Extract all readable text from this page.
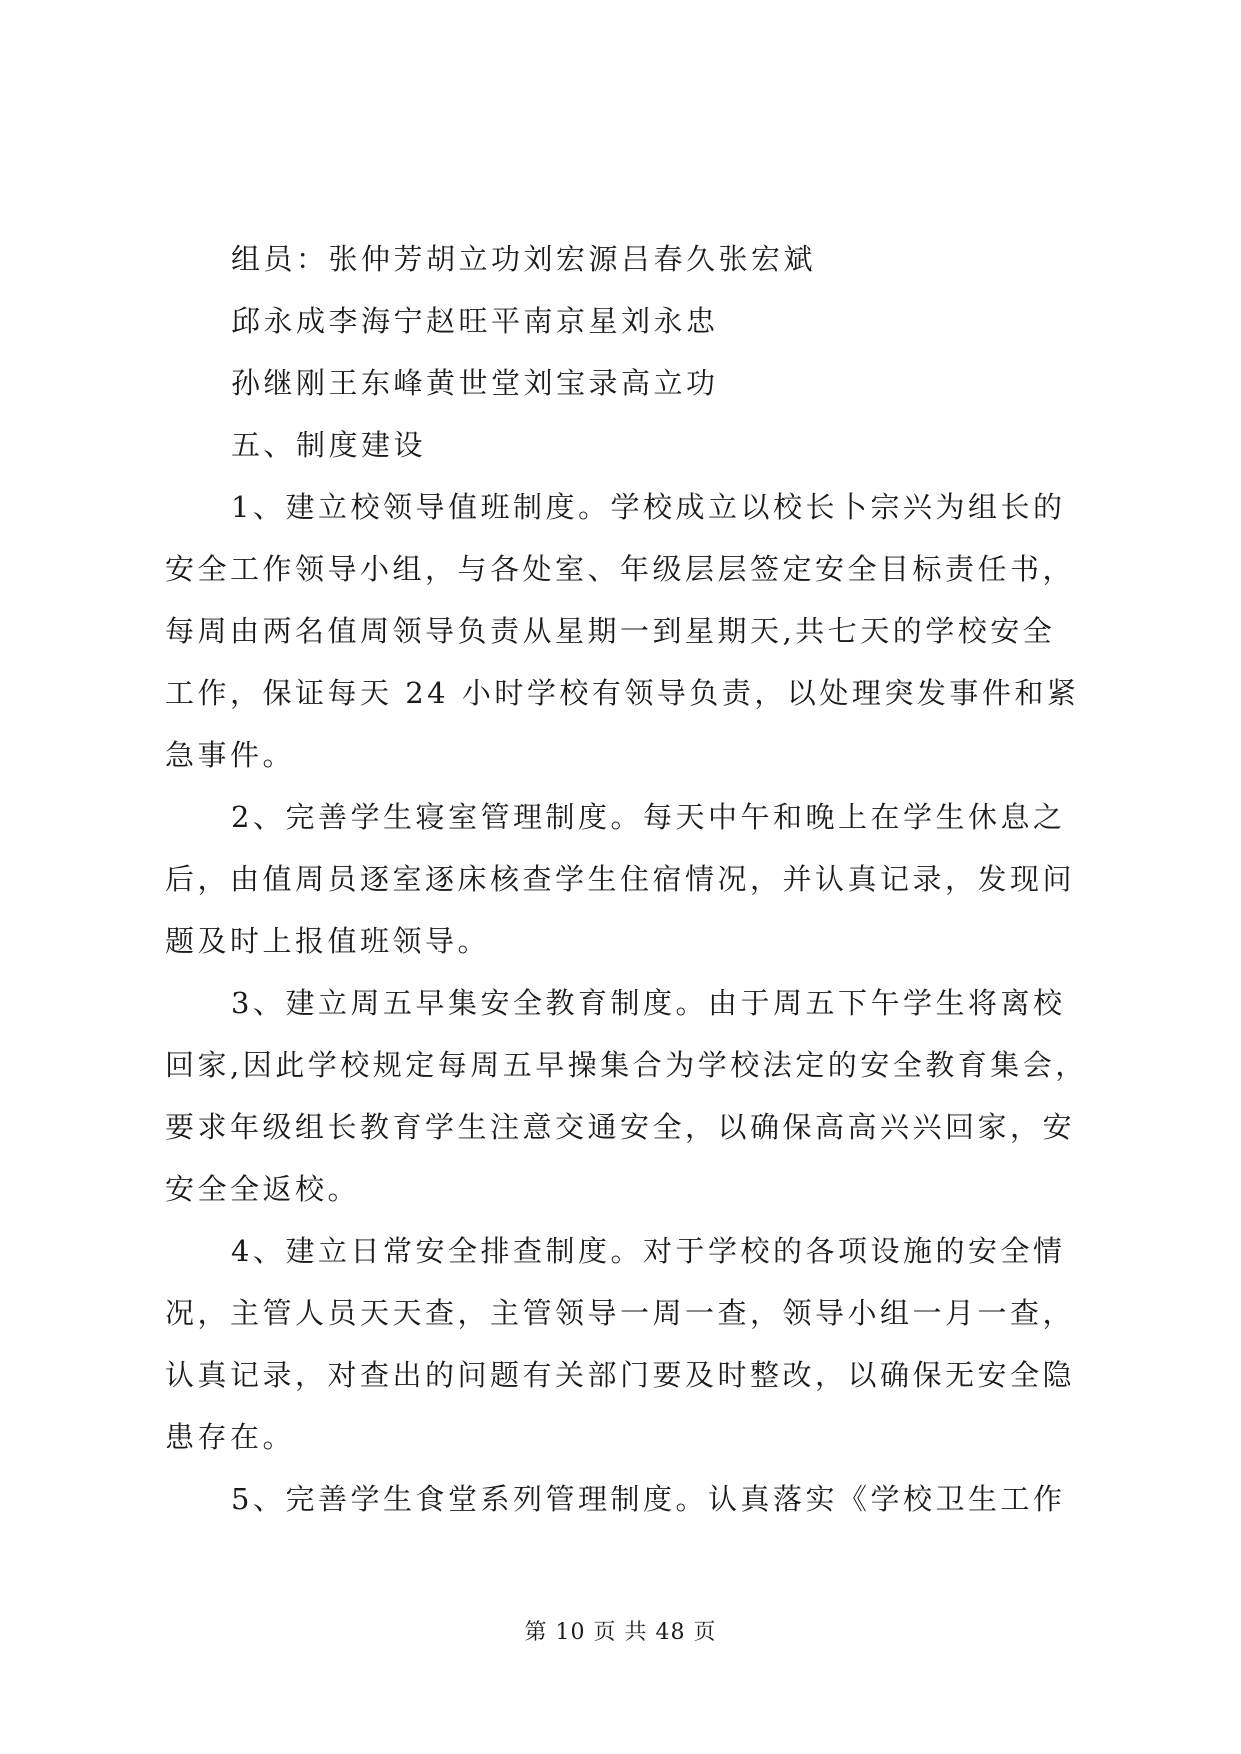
组员：张仲芳胡立功刘宏源吕春久张宏斌
邱永成李海宁赵旺平南京星刘永忠
孙继刚王东峰黄世堂刘宝录高立功
五、制度建设
1、建立校领导值班制度。学校成立以校长卜宗兴为组长的
安全工作领导小组，与各处室、年级层层签定安全目标责任书，
每周由两名值周领导负责从星期一到星期天,共七天的学校安全
工作，保证每天 24 小时学校有领导负责，以处理突发事件和紧
急事件。
2、完善学生寝室管理制度。每天中午和晚上在学生休息之
后，由值周员逐室逐床核查学生住宿情况，并认真记录，发现问
题及时上报值班领导。
3、建立周五早集安全教育制度。由于周五下午学生将离校
回家,因此学校规定每周五早操集合为学校法定的安全教育集会，
要求年级组长教育学生注意交通安全，以确保高高兴兴回家，安
安全全返校。
4、建立日常安全排查制度。对于学校的各项设施的安全情
况，主管人员天天查，主管领导一周一查，领导小组一月一查，
认真记录，对查出的问题有关部门要及时整改，以确保无安全隐
患存在。
5、完善学生食堂系列管理制度。认真落实《学校卫生工作
第 10 页 共 48 页
